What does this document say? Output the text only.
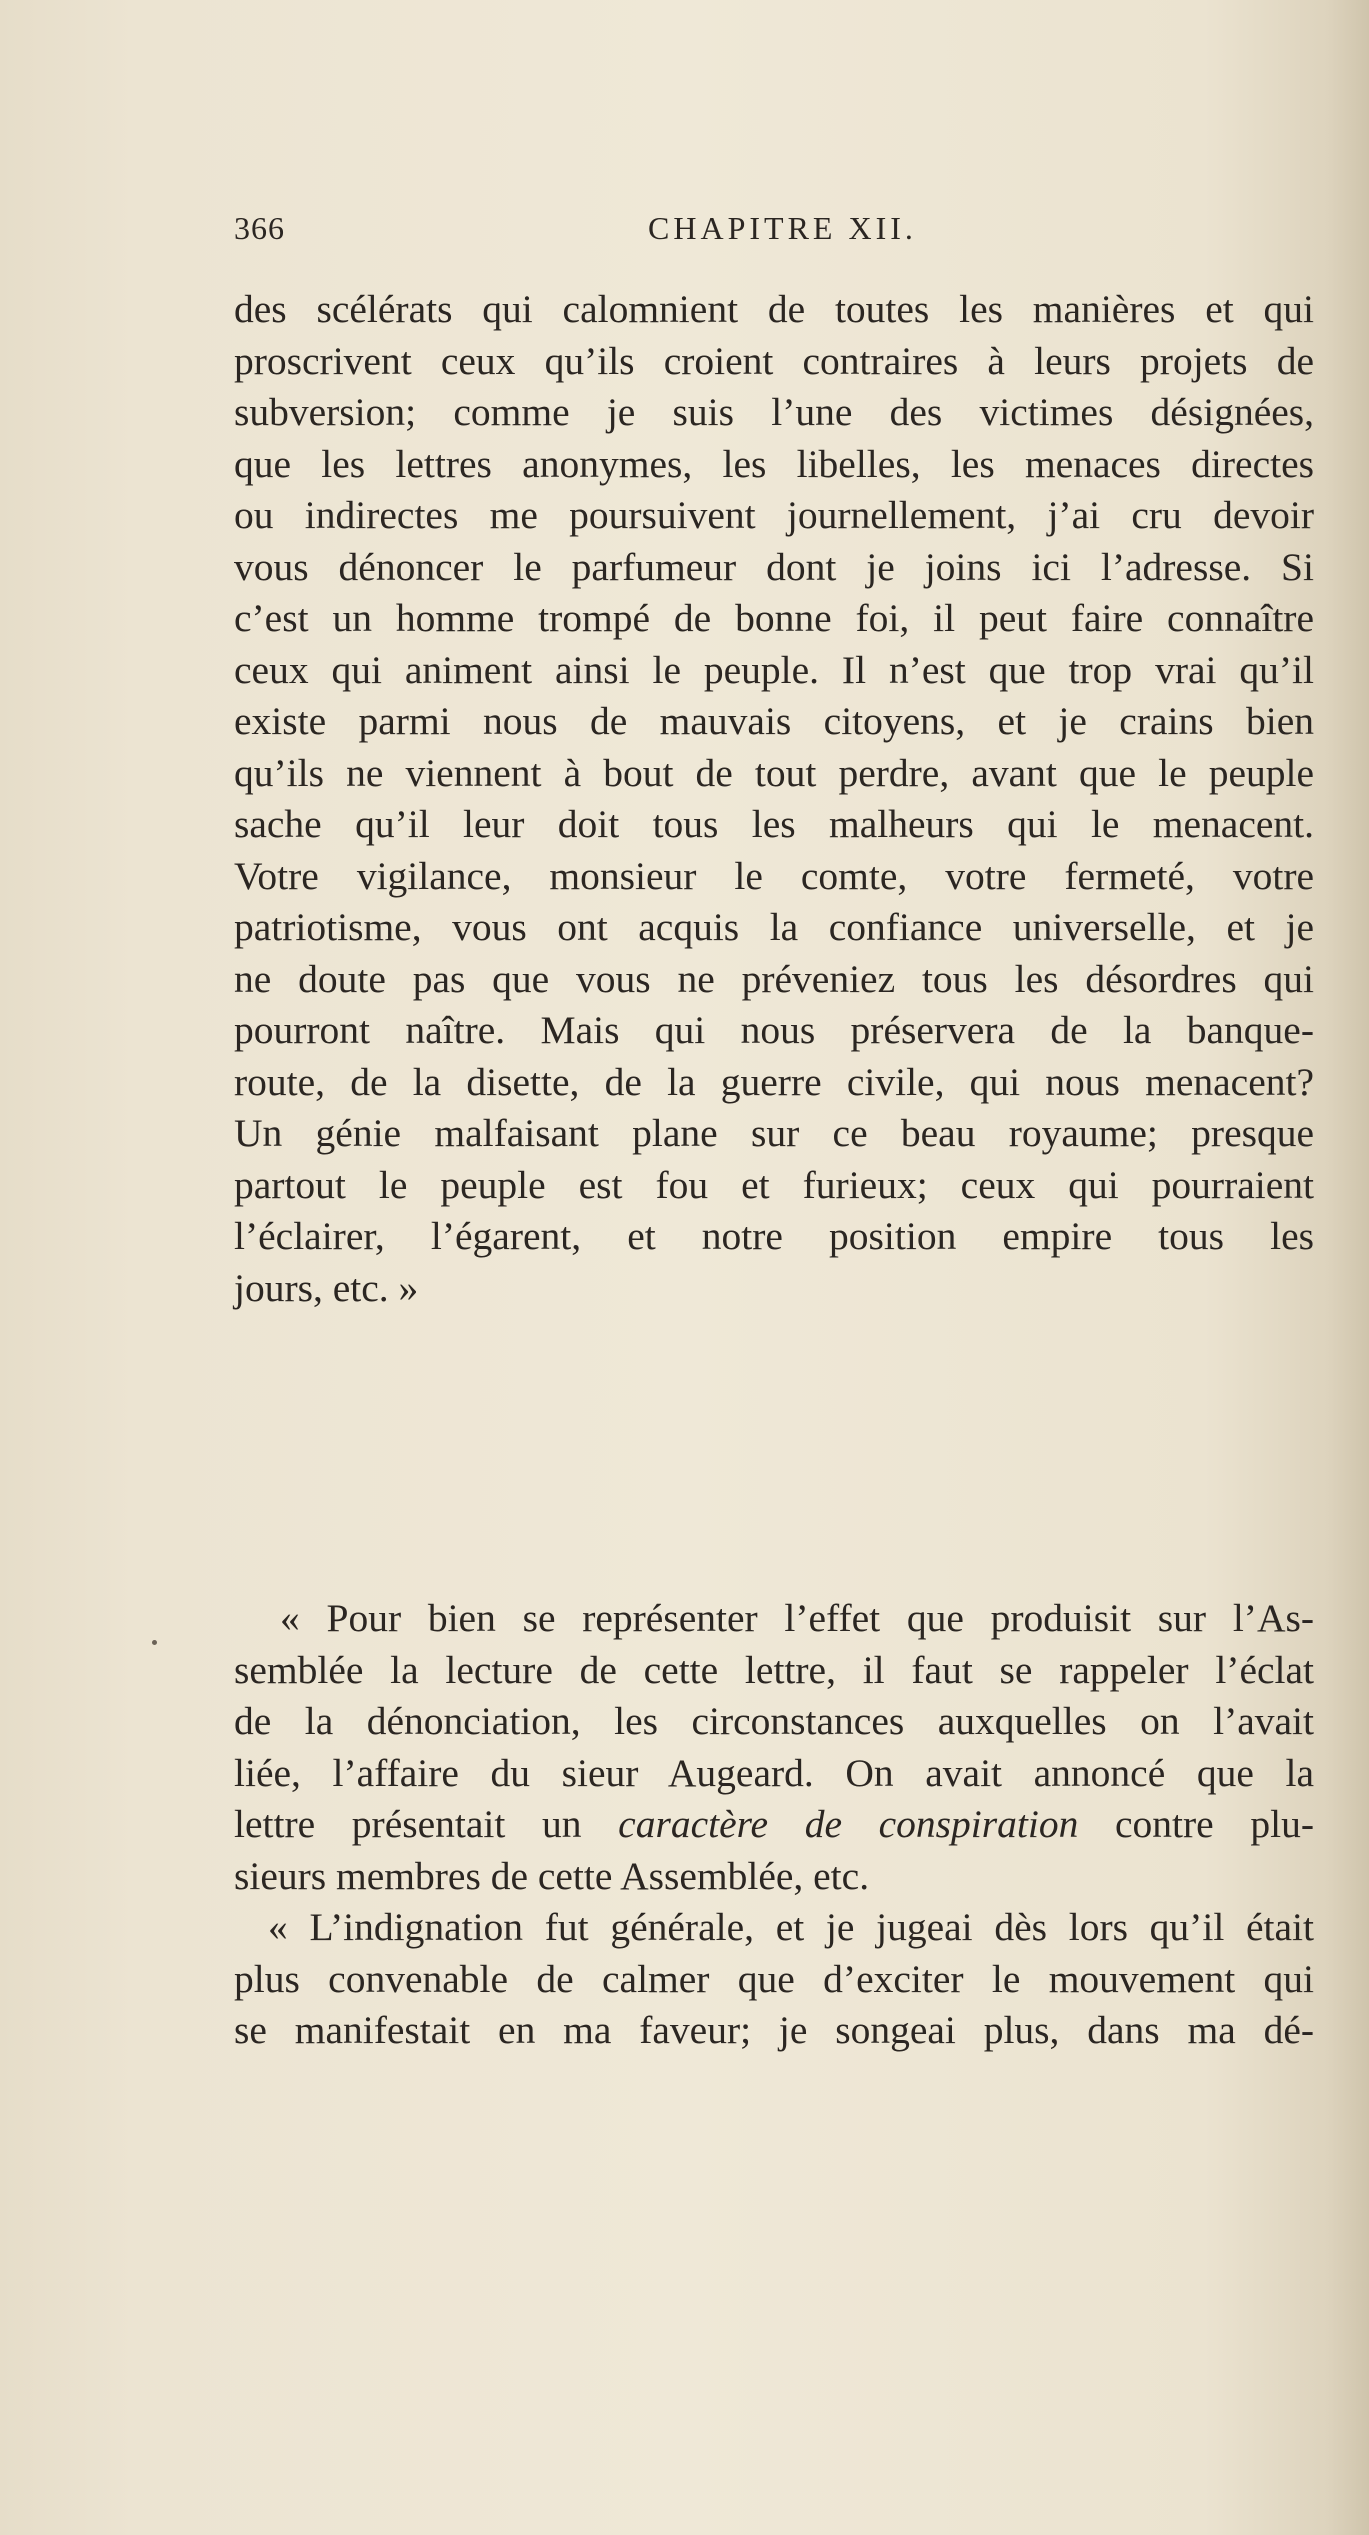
366	CHAPITRE XII.
des scélérats qui calomnient de toutes les manières et qui
proscrivent ceux qu’ils croient contraires à leurs projets de
subversion; comme je suis l’une des victimes désignées,
que les lettres anonymes, les libelles, les menaces directes
ou indirectes me poursuivent journellement, j’ai cru devoir
vous dénoncer le parfumeur dont je joins ici l’adresse. Si
c’est un homme trompé de bonne foi, il peut faire connaître
ceux qui animent ainsi le peuple. Il n’est que trop vrai qu’il
existe parmi nous de mauvais citoyens, et je crains bien
qu’ils ne viennent à bout de tout perdre, avant que le peuple
sache qu’il leur doit tous les malheurs qui le menacent.
Votre vigilance, monsieur le comte, votre fermeté, votre
patriotisme, vous ont acquis la confiance universelle, et je
ne doute pas que vous ne préveniez tous les désordres qui
pourront naître. Mais qui nous préservera de la banque-
route, de la disette, de la guerre civile, qui nous menacent?
Un génie malfaisant plane sur ce beau royaume; presque
partout le peuple est fou et furieux; ceux qui pourraient
l’éclairer, l’égarent, et notre position empire tous les
jours, etc. »
« Pour bien se représenter l’effet que produisit sur l’As-
semblée la lecture de cette lettre, il faut se rappeler l’éclat
de la dénonciation, les circonstances auxquelles on l’avait
liée, l’affaire du sieur Augeard. On avait annoncé que la
lettre présentait un caractère de conspiration contre plu-
sieurs membres de cette Assemblée, etc.
« L’indignation fut générale, et je jugeai dès lors qu’il était
plus convenable de calmer que d’exciter le mouvement qui
se manifestait en ma faveur; je songeai plus, dans ma dé-
